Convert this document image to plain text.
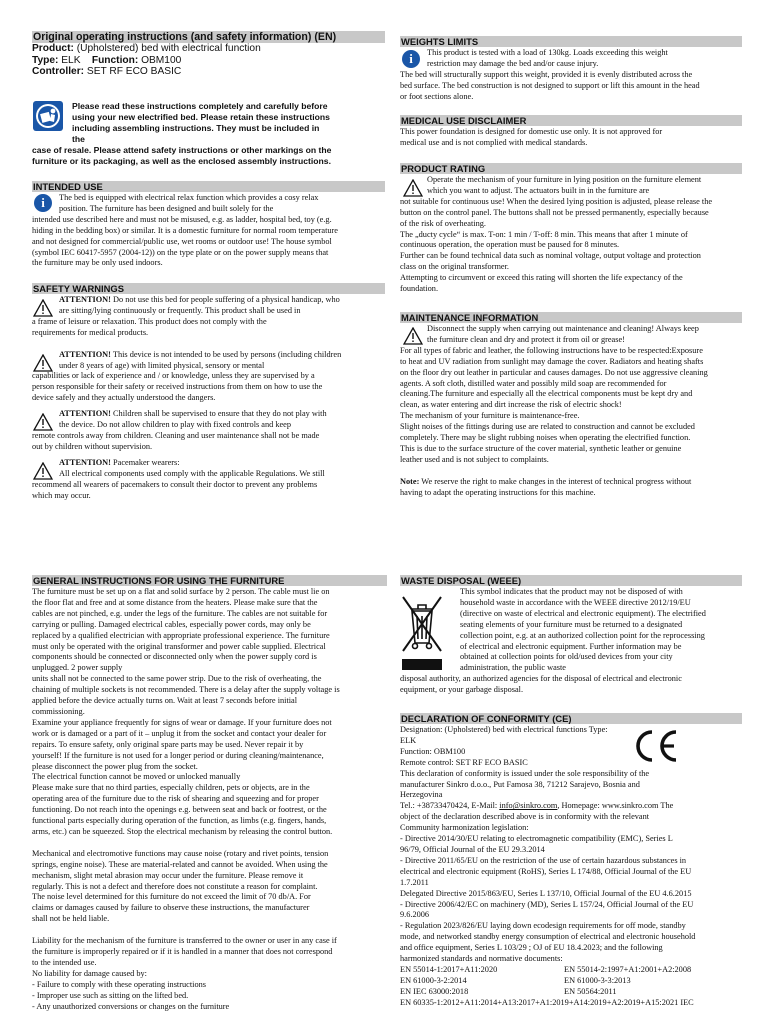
Original operating instructions (and safety information) (EN)
Product: (Upholstered) bed with electrical function
Type: ELK Function: OBM100
Controller: SET RF ECO BASIC
Please read these instructions completely and carefully before
using your new electrified bed. Please retain these instructions
including assembling instructions. They must be included in
the
case of resale. Please attend safety instructions or other markings on the
furniture or its packaging, as well as the enclosed assembly instructions.
INTENDED USE
i	The bed is equipped with electrical relax function which provides a cosy relax
position. The furniture has been designed and built solely for the
intended use described here and must not be misused, e.g. as ladder, hospital bed, toy (e.g.
hiding in the bedding box) or similar. It is a domestic furniture for normal room temperature
and not designed for commercial/public use, wet rooms or outdoor use! The house symbol
(symbol IEC 60417-5957 (2004-12)) on the type plate or on the power supply means that
the furniture may be only used indoors.
SAFETY WARNINGS
ATTENTION! Do not use this bed for people suffering of a physical handicap, who
are sitting/lying continuously or frequently. This product shall be used in
a frame of leisure or relaxation. This product does not comply with the
requirements for medical products.
ATTENTION! This device is not intended to be used by persons (including children
under 8 years of age) with limited physical, sensory or mental
capabilities or lack of experience and / or knowledge, unless they are supervised by a
person responsible for their safety or received instructions from them on how to use the
device safely and they actually understood the dangers.
ATTENTION! Children shall be supervised to ensure that they do not play with
the device. Do not allow children to play with fixed controls and keep
remote controls away from children. Cleaning and user maintenance shall not be made
out by children without supervision.
ATTENTION! Pacemaker wearers:
All electrical components used comply with the applicable Regulations. We still
recommend all wearers of pacemakers to consult their doctor to prevent any problems
which may occur.
WEIGHTS LIMITS
i	This product is tested with a load of 130kg. Loads exceeding this weight
restriction may damage the bed and/or cause injury.
The bed will structurally support this weight, provided it is evenly distributed across the
bed surface. The bed construction is not designed to support or lift this amount in the head
or foot sections alone.
MEDICAL USE DISCLAIMER
This power foundation is designed for domestic use only. It is not approved for
medical use and is not complied with medical standards.
PRODUCT RATING
Operate the mechanism of your furniture in lying position on the furniture element
which you want to adjust. The actuators built in in the furniture are
not suitable for continuous use! When the desired lying position is adjusted, please release the
button on the control panel. The buttons shall not be pressed permanently, especially because
of the risk of overheating.
The „ducty cycle“ is max. T-on: 1 min / T-off: 8 min. This means that after 1 minute of
continuous operation, the operation must be paused for 8 minutes.
Further can be found technical data such as nominal voltage, output voltage and protection
class on the original transformer.
Attempting to circumvent or exceed this rating will shorten the life expectancy of the
foundation.
MAINTENANCE INFORMATION
Disconnect the supply when carrying out maintenance and cleaning! Always keep
the furniture clean and dry and protect it from oil or grease!
For all types of fabric and leather, the following instructions have to be respected:Exposure
to heat and UV radiation from sunlight may damage the cover. Radiators and heating shafts
on the floor dry out leather in particular and causes damages. Do not use aggressive cleaning
agents. A soft cloth, distilled water and possibly mild soap are recommended for
cleaning.The furniture and especially all the electrical components must be kept dry and
clean, as water entering and dirt increase the risk of electric shock!
The mechanism of your furniture is maintenance-free.
Slight noises of the fittings during use are related to construction and cannot be excluded
completely. There may be slight rubbing noises when operating the electrified function.
This is due to the surface structure of the cover material, synthetic leather or genuine
leather used and is not subject to complaints.
Note: We reserve the right to make changes in the interest of technical progress without
having to adapt the operating instructions for this machine.
GENERAL INSTRUCTIONS FOR USING THE FURNITURE
The furniture must be set up on a flat and solid surface by 2 person. The cable must lie on
the floor flat and free and at some distance from the heaters. Please make sure that the
cables are not pinched, e.g. under the legs of the furniture. The cables are not suitable for
carrying or pulling. Damaged electrical cables, especially power cords, may only be
replaced by a qualified electrician with appropriate professional experience. The furniture
must only be operated with the original transformer and power cable supplied. Electrical
components should be connected or disconnected only when the power supply cord is
unplugged. 2 power supply
units shall not be connected to the same power strip. Due to the risk of overheating, the
chaining of multiple sockets is not recommended. There is a delay after the supply voltage is
applied before the device actually turns on. Wait at least 7 seconds before initial
commissioning.
Examine your appliance frequently for signs of wear or damage. If your furniture does not
work or is damaged or a part of it – unplug it from the socket and contact your dealer for
repairs. To ensure safety, only original spare parts may be used. Never repair it by
yourself! If the furniture is not used for a longer period or during cleaning/maintenance,
please disconnect the power plug from the socket.
The electrical function cannot be moved or unlocked manually
Please make sure that no third parties, especially children, pets or objects, are in the
operating area of the furniture due to the risk of shearing and squeezing and for proper
functioning. Do not reach into the openings e.g. between seat and back or footrest, or the
functional parts especially during operation of the function, as limbs (e.g. fingers, hands,
arms, etc.) can be squeezed. Stop the electrical mechanism by releasing the control button.
Mechanical and electromotive functions may cause noise (rotary and rivet points, tension
springs, engine noise). These are material-related and cannot be avoided. When using the
mechanism, slight metal abrasion may occur under the furniture. Please remove it
regularly. This is not a defect and therefore does not constitute a reason for complaint.
The noise level determined for this furniture do not exceed the limit of 70 db/A. For
claims or damages caused by failure to observe these instructions, the manufacturer
shall not be held liable.
Liability for the mechanism of the furniture is transferred to the owner or user in any case if
the furniture is improperly repaired or if it is handled in a manner that does not correspond
to the intended use.
No liability for damage caused by:
- Failure to comply with these operating instructions
- Improper use such as sitting on the lifted bed.
- Any unauthorized conversions or changes on the furniture
WASTE DISPOSAL (WEEE)
This symbol indicates that the product may not be disposed of with
household waste in accordance with the WEEE directive 2012/19/EU
(directive on waste of electrical and electronic equipment). The electrified
seating elements of your furniture must be returned to a designated
collection point, e.g. at an authorized collection point for the reprocessing
of electrical and electronic equipment. Further information may be
obtained at collection points for old/used devices from your city
administration, the public waste
disposal authority, an authorized agencies for the disposal of electrical and electronic
equipment, or your garbage disposal.
DECLARATION OF CONFORMITY (CE)
Designation: (Upholstered) bed with electrical functions Type:
ELK
Function: OBM100
Remote control: SET RF ECO BASIC
This declaration of conformity is issued under the sole responsibility of the
manufacturer Sinkro d.o.o., Put Famosa 38, 71212 Sarajevo, Bosnia and
Herzegovina
Tel.: +38733470424, E-Mail: info@sinkro.com, Homepage: www.sinkro.com The
object of the declaration described above is in conformity with the relevant
Community harmonization legislation:
- Directive 2014/30/EU relating to electromagnetic compatibility (EMC), Series L
96/79, Official Journal of the EU 29.3.2014
- Directive 2011/65/EU on the restriction of the use of certain hazardous substances in
electrical and electronic equipment (RoHS), Series L 174/88, Official Journal of the EU
1.7.2011
Delegated Directive 2015/863/EU, Series L 137/10, Official Journal of the EU 4.6.2015
- Directive 2006/42/EC on machinery (MD), Series L 157/24, Official Journal of the EU
9.6.2006
- Regulation 2023/826/EU laying down ecodesign requirements for off mode, standby
mode, and networked standby energy consumption of electrical and electronic household
and office equipment, Series L 103/29 ; OJ of EU 18.4.2023; and the following
harmonized standards and normative documents:
EN 55014-1:2017+A11:2020	EN 55014-2:1997+A1:2001+A2:2008
EN 61000-3-2:2014	EN 61000-3-3:2013
EN IEC 63000:2018	EN 50564:2011
EN 60335-1:2012+A11:2014+A13:2017+A1:2019+A14:2019+A2:2019+A15:2021 IEC
